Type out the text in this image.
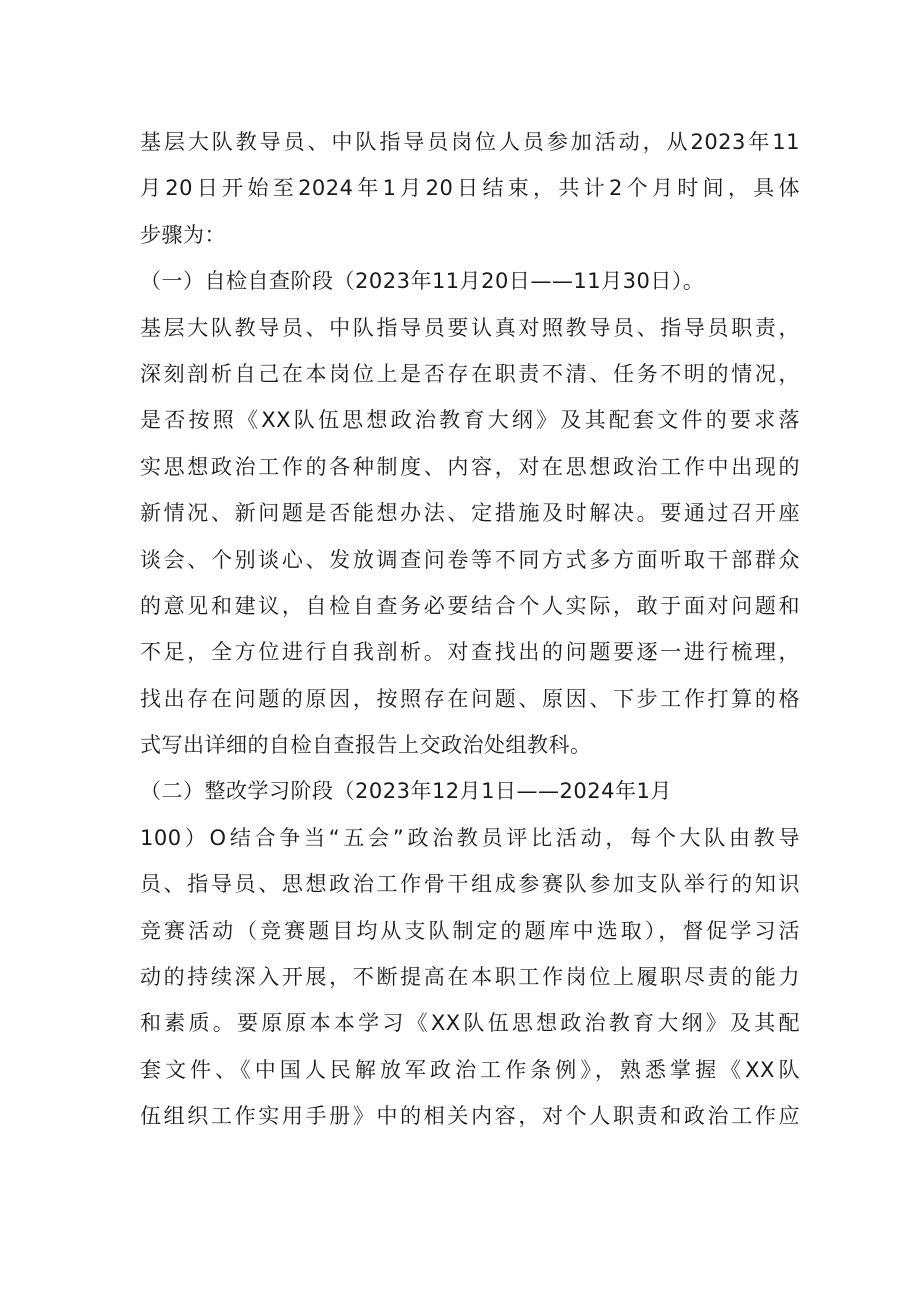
基层大队教导员、中队指导员岗位人员参加活动，从2023年11
月20日开始至2024年1月20日结束，共计2个月时间，具体
步骤为：
（一）自检自查阶段（2023年11月20日——11月30日）。
基层大队教导员、中队指导员要认真对照教导员、指导员职责，
深刻剖析自己在本岗位上是否存在职责不清、任务不明的情况，
是否按照《XX队伍思想政治教育大纲》及其配套文件的要求落
实思想政治工作的各种制度、内容，对在思想政治工作中出现的
新情况、新问题是否能想办法、定措施及时解决。要通过召开座
谈会、个别谈心、发放调查问卷等不同方式多方面听取干部群众
的意见和建议，自检自查务必要结合个人实际，敢于面对问题和
不足，全方位进行自我剖析。对查找出的问题要逐一进行梳理，
找出存在问题的原因，按照存在问题、原因、下步工作打算的格
式写出详细的自检自查报告上交政治处组教科。
（二）整改学习阶段（2023年12月1日——2024年1月
100）O结合争当“五会”政治教员评比活动，每个大队由教导
员、指导员、思想政治工作骨干组成参赛队参加支队举行的知识
竞赛活动（竞赛题目均从支队制定的题库中选取），督促学习活
动的持续深入开展，不断提高在本职工作岗位上履职尽责的能力
和素质。要原原本本学习《XX队伍思想政治教育大纲》及其配
套文件、《中国人民解放军政治工作条例》，熟悉掌握《XX队
伍组织工作实用手册》中的相关内容，对个人职责和政治工作应
